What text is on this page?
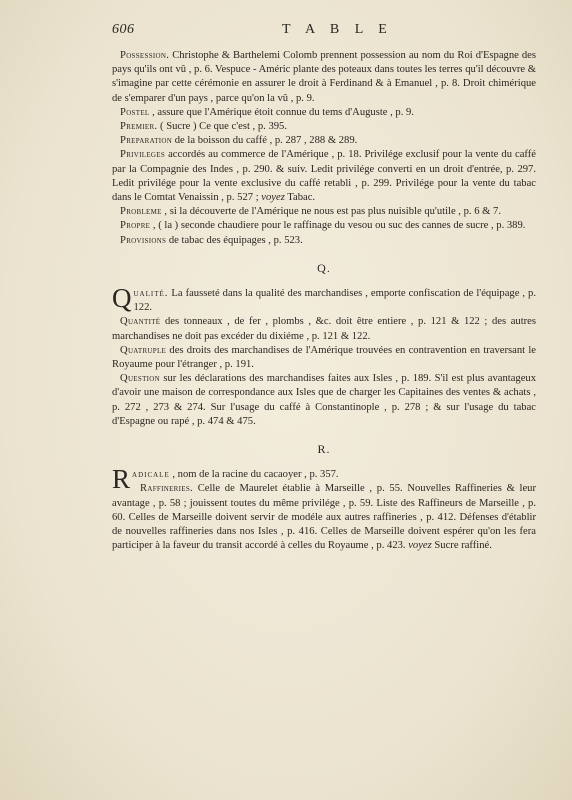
606	T A B L E
Possession. Christophe & Barthelemi Colomb prennent possession au nom du Roi d'Espagne des pays qu'ils ont vû , p. 6. Vespuce - Améric plante des poteaux dans toutes les terres qu'il découvre & s'imagine par cette cérémonie en assurer le droit à Ferdinand & à Emanuel , p. 8. Droit chimérique de s'emparer d'un pays , parce qu'on la vû , p. 9.
Postel , assure que l'Amérique étoit connue du tems d'Auguste , p. 9.
Premier. ( Sucre ) Ce que c'est , p. 395.
Preparation de la boisson du caffé , p. 287 , 288 & 289.
Privileges accordés au commerce de l'Amérique , p. 18. Privilége exclusif pour la vente du caffé par la Compagnie des Indes , p. 290. & suiv. Ledit privilége converti en un droit d'entrée, p. 297. Ledit privilége pour la vente exclusive du caffé retabli , p. 299. Privilége pour la vente du tabac dans le Comtat Venaissin , p. 527 ; voyez Tabac.
Probleme , si la découverte de l'Amérique ne nous est pas plus nuisible qu'utile , p. 6 & 7.
Propre , ( la ) seconde chaudiere pour le raffinage du vesou ou suc des cannes de sucre , p. 389.
Provisions de tabac des équipages , p. 523.
Q.
Qualité. La fausseté dans la qualité des marchandises , emporte confiscation de l'équipage , p. 122.
Quantité des tonneaux , de fer , plombs , &c. doit être entiere , p. 121 & 122 ; des autres marchandises ne doit pas excéder du dixiéme , p. 121 & 122.
Quatruple des droits des marchandises de l'Amérique trouvées en contravention en traversant le Royaume pour l'étranger , p. 191.
Question sur les déclarations des marchandises faites aux Isles , p. 189. S'il est plus avantageux d'avoir une maison de correspondance aux Isles que de charger les Capitaines des ventes & achats , p. 272 , 273 & 274. Sur l'usage du caffé à Constantinople , p. 278 ; & sur l'usage du tabac d'Espagne ou rapé , p. 474 & 475.
R.
Radicale , nom de la racine du cacaoyer , p. 357.
Raffineries. Celle de Maurelet établie à Marseille , p. 55. Nouvelles Raffineries & leur avantage , p. 58 ; jouissent toutes du même privilége , p. 59. Liste des Raffineurs de Marseille , p. 60. Celles de Marseille doivent servir de modéle aux autres raffineries , p. 412. Défenses d'établir de nouvelles raffineries dans nos Isles , p. 416. Celles de Marseille doivent espérer qu'on les fera participer à la faveur du transit accordé à celles du Royaume , p. 423. voyez Sucre raffiné.
